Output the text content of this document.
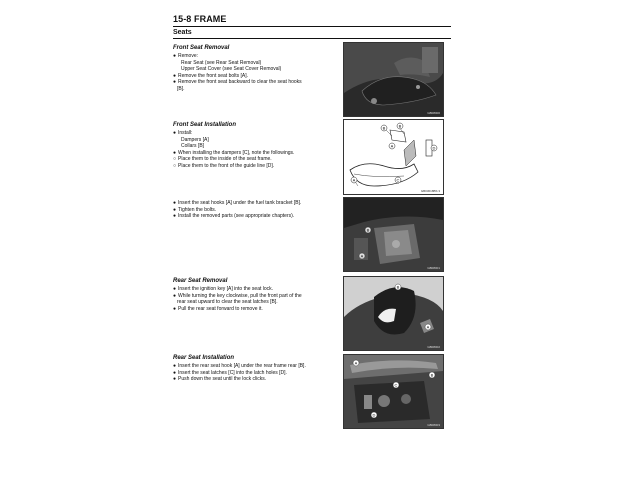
15-8 FRAME
Seats
Front Seat Removal
● Remove:
Rear Seat (see Rear Seat Removal)
Upper Seat Cover (see Seat Cover Removal)
● Remove the front seat bolts [A].
● Remove the front seat backward to clear the seat hooks
[B].
GB08000
Front Seat Installation
● Install:
Dampers [A]
Collars [B]
● When installing the dampers [C], note the followings.
○ Place them to the inside of the seat frame.
○ Place them to the front of the guide line [D].
B	B
A	D
A	C
GB03018BS 3
● Insert the seat hooks [A] under the fuel tank bracket [B].
● Tighten the bolts.
● Install the removed parts (see appropriate chapters).
B
A
GB08001
Rear Seat Removal
● Insert the ignition key [A] into the seat lock.
● While turning the key clockwise, pull the front part of the
rear seat upward to clear the seat latches [B].
● Pull the rear seat forward to remove it.
B
A
GB08002
Rear Seat Installation
● Insert the rear seat hook [A] under the rear frame rear [B].
● Insert the seat latches [C] into the latch holes [D].
● Push down the seat until the lock clicks.
A
B
C
D
GB08003
